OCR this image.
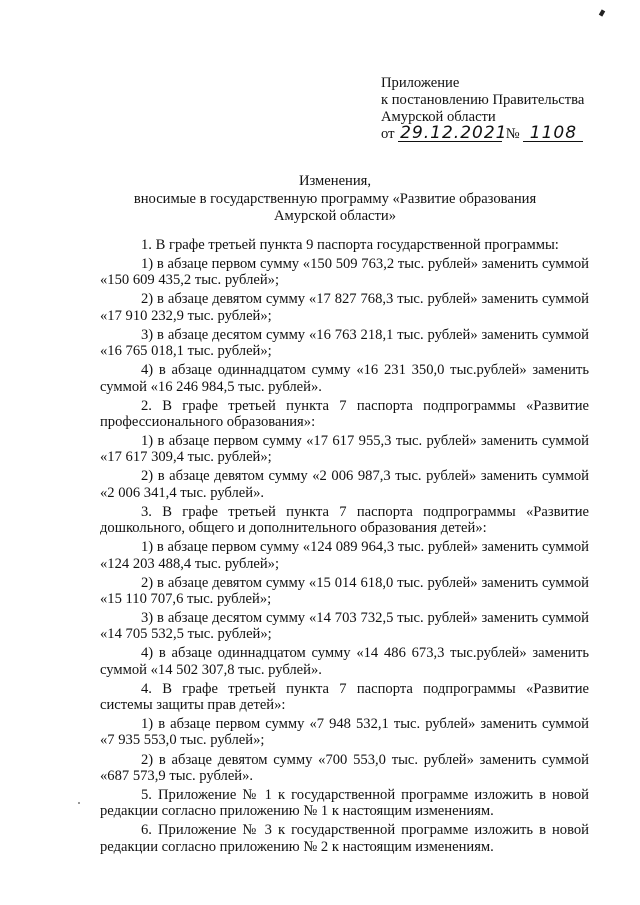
Приложение
к постановлению Правительства
Амурской области
от 29.12.2021 № 1108
Изменения,
вносимые в государственную программу «Развитие образования
Амурской области»

1. В графе третьей пункта 9 паспорта государственной программы:

1) в абзаце первом сумму «150 509 763,2 тыс. рублей» заменить суммой «150 609 435,2 тыс. рублей»;

2) в абзаце девятом сумму «17 827 768,3 тыс. рублей» заменить суммой «17 910 232,9 тыс. рублей»;

3) в абзаце десятом сумму «16 763 218,1 тыс. рублей» заменить суммой «16 765 018,1 тыс. рублей»;

4) в абзаце одиннадцатом сумму «16 231 350,0 тыс.рублей» заменить суммой «16 246 984,5 тыс. рублей».

2. В графе третьей пункта 7 паспорта подпрограммы «Развитие профессионального образования»:

1) в абзаце первом сумму «17 617 955,3 тыс. рублей» заменить суммой «17 617 309,4 тыс. рублей»;

2) в абзаце девятом сумму «2 006 987,3 тыс. рублей» заменить суммой «2 006 341,4 тыс. рублей».

3. В графе третьей пункта 7 паспорта подпрограммы «Развитие дошкольного, общего и дополнительного образования детей»:

1) в абзаце первом сумму «124 089 964,3 тыс. рублей» заменить суммой «124 203 488,4 тыс. рублей»;

2) в абзаце девятом сумму «15 014 618,0 тыс. рублей» заменить суммой «15 110 707,6 тыс. рублей»;

3) в абзаце десятом сумму «14 703 732,5 тыс. рублей» заменить суммой «14 705 532,5 тыс. рублей»;

4) в абзаце одиннадцатом сумму «14 486 673,3 тыс.рублей» заменить суммой «14 502 307,8 тыс. рублей».

4. В графе третьей пункта 7 паспорта подпрограммы «Развитие системы защиты прав детей»:

1) в абзаце первом сумму «7 948 532,1 тыс. рублей» заменить суммой «7 935 553,0 тыс. рублей»;

2) в абзаце девятом сумму «700 553,0 тыс. рублей» заменить суммой «687 573,9 тыс. рублей».

5. Приложение № 1 к государственной программе изложить в новой редакции согласно приложению № 1 к настоящим изменениям.

6. Приложение № 3 к государственной программе изложить в новой редакции согласно приложению № 2 к настоящим изменениям.
